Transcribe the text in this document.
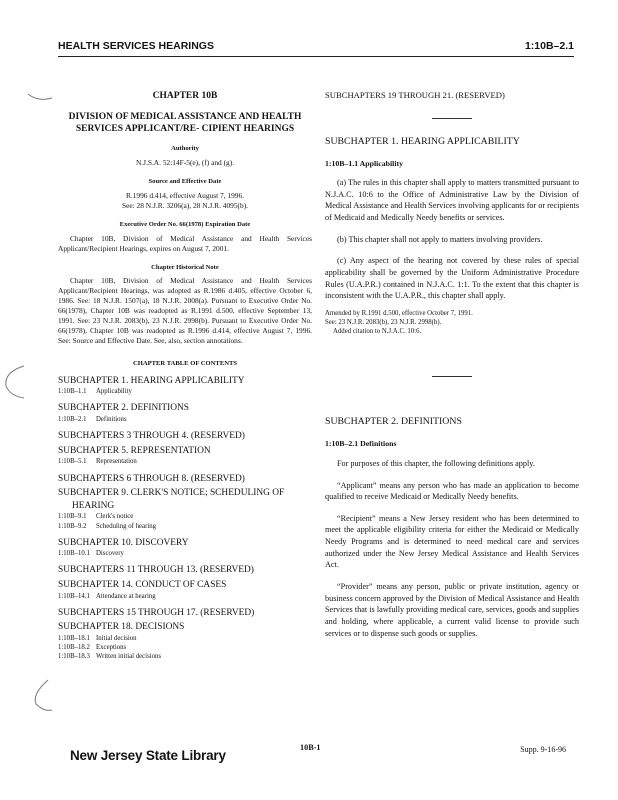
HEALTH SERVICES HEARINGS	1:10B–2.1
CHAPTER 10B
DIVISION OF MEDICAL ASSISTANCE AND HEALTH SERVICES APPLICANT/RE- CIPIENT HEARINGS
Authority
N.J.S.A. 52:14F-5(e), (f) and (g).
Source and Effective Date
R.1996 d.414, effective August 7, 1996.
See: 28 N.J.R. 3206(a), 28 N.J.R. 4095(b).
Executive Order No. 66(1978) Expiration Date

Chapter 10B, Division of Medical Assistance and Health Services Applicant/Recipient Hearings, expires on August 7, 2001.

Chapter Historical Note

Chapter 10B, Division of Medical Assistance and Health Services Applicant/Recipient Hearings, was adopted as R.1986 d.405, effective October 6, 1986. See: 18 N.J.R. 1507(a), 18 N.J.R. 2008(a). Pursuant to Executive Order No. 66(1978), Chapter 10B was readopted as R.1991 d.500, effective September 13, 1991. See: 23 N.J.R. 2083(b), 23 N.J.R. 2998(b). Pursuant to Executive Order No. 66(1978), Chapter 10B was readopted as R.1996 d.414, effective August 7, 1996. See: Source and Effective Date. See, also, section annotations.

CHAPTER TABLE OF CONTENTS
SUBCHAPTER 1. HEARING APPLICABILITY
1:10B–1.1 Applicability
SUBCHAPTER 2. DEFINITIONS
1:10B–2.1 Definitions
SUBCHAPTERS 3 THROUGH 4. (RESERVED)
SUBCHAPTER 5. REPRESENTATION
1:10B–5.1 Representation
SUBCHAPTERS 6 THROUGH 8. (RESERVED)
SUBCHAPTER 9. CLERK'S NOTICE; SCHEDULING OF HEARING
1:10B–9.1 Clerk's notice
1:10B–9.2 Scheduling of hearing
SUBCHAPTER 10. DISCOVERY
1:10B–10.1 Discovery
SUBCHAPTERS 11 THROUGH 13. (RESERVED)
SUBCHAPTER 14. CONDUCT OF CASES
1:10B–14.1 Attendance at hearing
SUBCHAPTERS 15 THROUGH 17. (RESERVED)
SUBCHAPTER 18. DECISIONS
1:10B–18.1 Initial decision
1:10B–18.2 Exceptions
1:10B–18.3 Written initial decisions
SUBCHAPTERS 19 THROUGH 21. (RESERVED)
SUBCHAPTER 1. HEARING APPLICABILITY
1:10B–1.1 Applicability

(a) The rules in this chapter shall apply to matters transmitted pursuant to N.J.A.C. 10:6 to the Office of Administrative Law by the Division of Medical Assistance and Health Services involving applicants for or recipients of Medicaid and Medically Needy benefits or services.

(b) This chapter shall not apply to matters involving providers.

(c) Any aspect of the hearing not covered by these rules of special applicability shall be governed by the Uniform Administrative Procedure Rules (U.A.P.R.) contained in N.J.A.C. 1:1. To the extent that this chapter is inconsistent with the U.A.P.R., this chapter shall apply.

Amended by R.1991 d.500, effective October 7, 1991.
See: 23 N.J.R. 2083(b), 23 N.J.R. 2998(b).
Added citation to N.J.A.C. 10:6.
SUBCHAPTER 2. DEFINITIONS
1:10B–2.1 Definitions

For purposes of this chapter, the following definitions apply.

“Applicant” means any person who has made an application to become qualified to receive Medicaid or Medically Needy benefits.

“Recipient” means a New Jersey resident who has been determined to meet the applicable eligibility criteria for either the Medicaid or Medically Needy Programs and is determined to need medical care and services authorized under the New Jersey Medical Assistance and Health Services Act.

“Provider” means any person, public or private institution, agency or business concern approved by the Division of Medical Assistance and Health Services that is lawfully providing medical care, services, goods and supplies and holding, where applicable, a current valid license to provide such services or to dispense such goods or supplies.

New Jersey State Library
10B-1	Supp. 9-16-96
